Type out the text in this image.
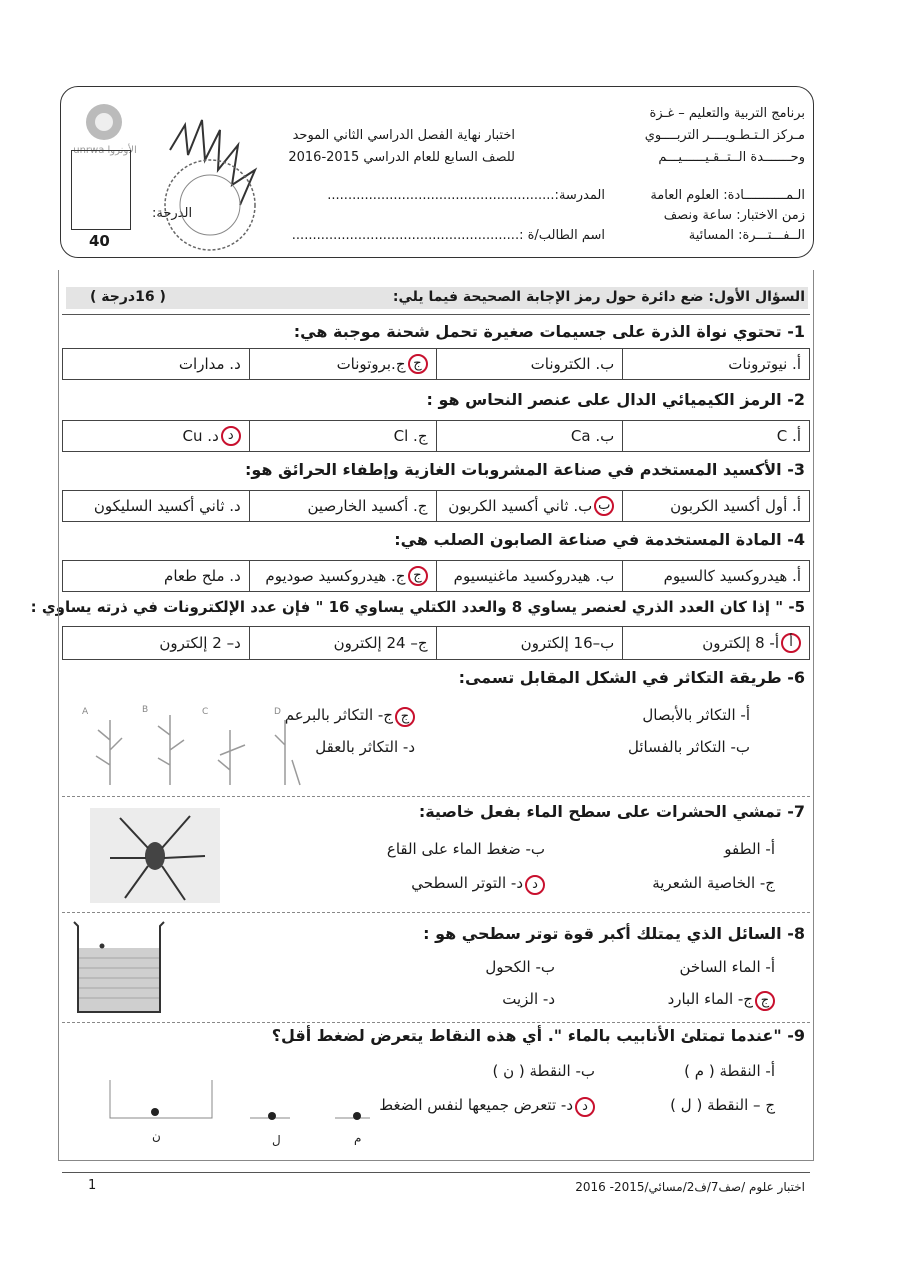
برنامج التربية والتعليم – غـزة
مـركز الـتـطـويــــر التربــــوي
وحـــــــدة الــتــقـيــــــيـــم
اختبار نهاية الفصل الدراسي الثاني الموحد
للصف السابع للعام الدراسي 2015-2016
الـمـــــــــــادة: العلوم العامة
زمن الاختبار: ساعة ونصف
الــفـــتـــرة: المسائية
المدرسة:.......................................................
اسم الطالب/ة :.......................................................
الدرجة:
unrwa الأونروا
40
السؤال الأول: ضع دائرة حول رمز الإجابة الصحيحة فيما يلي:
( 16درجة )
1- تحتوي نواة الذرة على جسيمات صغيرة تحمل شحنة موجبة هي:
أ. نيوترونات
ب. الكترونات
ج
ج.بروتونات
د. مدارات
2- الرمز الكيميائي الدال على عنصر النحاس هو :
أ. C
ب. Ca
ج. Cl
د
د. Cu
3- الأكسيد المستخدم في صناعة المشروبات الغازية وإطفاء الحرائق هو:
أ. أول أكسيد الكربون
ب
ب. ثاني أكسيد الكربون
ج. أكسيد الخارصين
د. ثاني أكسيد السليكون
4- المادة المستخدمة في صناعة الصابون الصلب هي:
أ. هيدروكسيد كالسيوم
ب. هيدروكسيد ماغنيسيوم
ج
ج. هيدروكسيد صوديوم
د. ملح طعام
5- " إذا كان العدد الذري لعنصر يساوي 8 والعدد الكتلي يساوي 16 " فإن عدد الإلكترونات في ذرته يساوي :
أ
أ- 8 إلكترون
ب–16 إلكترون
ج– 24 إلكترون
د– 2 إلكترون
6- طريقة التكاثر في الشكل المقابل تسمى:
أ- التكاثر بالأبصال
جج- التكاثر بالبرعم
ب- التكاثر بالفسائل
د- التكاثر بالعقل
A	B	C	D
7- تمشي الحشرات على سطح الماء بفعل خاصية:
أ- الطفو
ب- ضغط الماء على القاع
ج- الخاصية الشعرية
دد- التوتر السطحي
8- السائل الذي يمتلك أكبر قوة توتر سطحي هو :
أ- الماء الساخن
ب- الكحول
جج- الماء البارد
د- الزيت
9- "عندما تمتلئ الأنابيب بالماء ". أي هذه النقاط يتعرض لضغط أقل؟
أ- النقطة ( م )
ب- النقطة ( ن )
ج – النقطة ( ل )
دد- تتعرض جميعها لنفس الضغط
ن	ل	م
1	اختبار علوم /صف7/ف2/مسائي/2015- 2016
